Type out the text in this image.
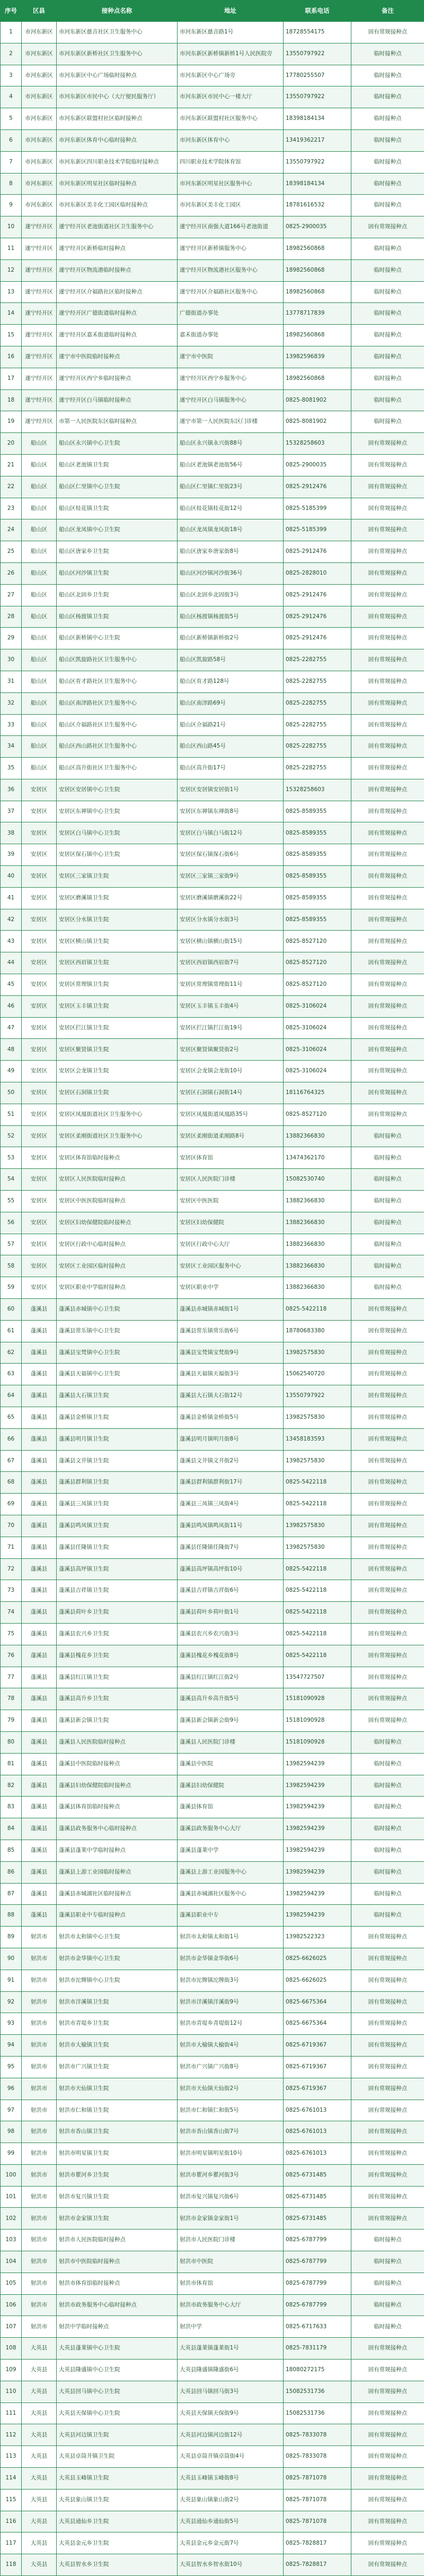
序号	区县	接种点名称	地址	联系电话	备注
1	市河东新区	市河东新区慈音社区卫生服务中心	市河东新区慈音路1号	18728554175	固有常规接种点
2	市河东新区	市河东新区新桥社区卫生服务中心	市河东新区新桥镇新桥1号人民医院旁	13550797922	临时接种点
3	市河东新区	市河东新区中心广场临时接种点	市河东新区中心广场旁	17780255507	临时接种点
4	市河东新区	市河东新区市民中心（大厅便民服务厅）	市河东新区市民中心一楼大厅	13550797922	临时接种点
5	市河东新区	市河东新区联盟村社区临时接种点	市河东新区联盟村社区服务中心	18398184134	临时接种点
6	市河东新区	市河东新区体育中心临时接种点	市河东新区体育中心	13419362217	临时接种点
7	市河东新区	市河东新区四川职业技术学院临时接种点	四川职业技术学院体育馆	13550797922	临时接种点
8	市河东新区	市河东新区明星社区临时接种点	市河东新区明星社区服务中心	18398184134	临时接种点
9	市河东新区	市河东新区美丰化工园区临时接种点	市河东新区美丰化工园区	18781616532	临时接种点
10	遂宁经开区	遂宁经开区老池街道社区卫生服务中心	遂宁经开区南强大道166号老池街道	0825-2900035	固有常规接种点
11	遂宁经开区	遂宁经开区新桥临时接种点	遂宁经开区新桥镇服务中心	18982560868	临时接种点
12	遂宁经开区	遂宁经开区物流港临时接种点	遂宁经开区物流港社区服务中心	18982560868	临时接种点
13	遂宁经开区	遂宁经开区介福路社区临时接种点	遂宁经开区介福路社区服务中心	18982560868	临时接种点
14	遂宁经开区	遂宁经开区广德街道临时接种点	广德街道办事处	13778717839	临时接种点
15	遂宁经开区	遂宁经开区嘉禾街道临时接种点	嘉禾街道办事处	18982560868	临时接种点
16	遂宁经开区	遂宁市中医院临时接种点	遂宁市中医院	13982596839	临时接种点
17	遂宁经开区	遂宁经开区西宁乡临时接种点	遂宁经开区西宁乡服务中心	18982560868	临时接种点
18	遂宁经开区	遂宁经开区白马镇临时接种点	遂宁经开区白马镇服务中心	0825-8081902	临时接种点
19	遂宁经开区	市第一人民医院东区临时接种点	遂宁市第一人民医院东区门诊楼	0825-8081902	临时接种点
20	船山区	船山区永兴镇中心卫生院	船山区永兴镇永兴街88号	15328258603	固有常规接种点
21	船山区	船山区老池镇卫生院	船山区老池镇老池街56号	0825-2900035	固有常规接种点
22	船山区	船山区仁里镇中心卫生院	船山区仁里镇仁里街23号	0825-2912476	固有常规接种点
23	船山区	船山区桂花镇卫生院	船山区桂花镇桂花街12号	0825-5185399	固有常规接种点
24	船山区	船山区龙凤镇中心卫生院	船山区龙凤镇龙凤街18号	0825-5185399	固有常规接种点
25	船山区	船山区唐家乡卫生院	船山区唐家乡唐家街8号	0825-2912476	固有常规接种点
26	船山区	船山区河沙镇卫生院	船山区河沙镇河沙街36号	0825-2828010	固有常规接种点
27	船山区	船山区北固乡卫生院	船山区北固乡北固街3号	0825-2912476	固有常规接种点
28	船山区	船山区杨渡镇卫生院	船山区杨渡镇杨渡街5号	0825-2912476	固有常规接种点
29	船山区	船山区新桥镇中心卫生院	船山区新桥镇新桥街2号	0825-2912476	固有常规接种点
30	船山区	船山区凯旋路社区卫生服务中心	船山区凯旋路58号	0825-2282755	固有常规接种点
31	船山区	船山区育才路社区卫生服务中心	船山区育才路128号	0825-2282755	固有常规接种点
32	船山区	船山区南津路社区卫生服务中心	船山区南津路69号	0825-2282755	固有常规接种点
33	船山区	船山区介福路社区卫生服务中心	船山区介福路21号	0825-2282755	固有常规接种点
34	船山区	船山区西山路社区卫生服务中心	船山区西山路45号	0825-2282755	固有常规接种点
35	船山区	船山区高升街社区卫生服务中心	船山区高升街17号	0825-2282755	固有常规接种点
36	安居区	安居区安居镇中心卫生院	安居区安居镇安居街1号	15328258603	固有常规接种点
37	安居区	安居区东禅镇中心卫生院	安居区东禅镇东禅街8号	0825-8589355	固有常规接种点
38	安居区	安居区白马镇中心卫生院	安居区白马镇白马街12号	0825-8589355	固有常规接种点
39	安居区	安居区保石镇中心卫生院	安居区保石镇保石街6号	0825-8589355	固有常规接种点
40	安居区	安居区三家镇卫生院	安居区三家镇三家街9号	0825-8589355	固有常规接种点
41	安居区	安居区磨溪镇卫生院	安居区磨溪镇磨溪街22号	0825-8589355	固有常规接种点
42	安居区	安居区分水镇卫生院	安居区分水镇分水街3号	0825-8589355	固有常规接种点
43	安居区	安居区横山镇卫生院	安居区横山镇横山街15号	0825-8527120	固有常规接种点
44	安居区	安居区西眉镇卫生院	安居区西眉镇西眉街7号	0825-8527120	固有常规接种点
45	安居区	安居区常理镇卫生院	安居区常理镇常理街11号	0825-8527120	固有常规接种点
46	安居区	安居区玉丰镇卫生院	安居区玉丰镇玉丰街4号	0825-3106024	固有常规接种点
47	安居区	安居区拦江镇卫生院	安居区拦江镇拦江街19号	0825-3106024	固有常规接种点
48	安居区	安居区聚贤镇卫生院	安居区聚贤镇聚贤街2号	0825-3106024	固有常规接种点
49	安居区	安居区会龙镇卫生院	安居区会龙镇会龙街10号	0825-3106024	固有常规接种点
50	安居区	安居区石洞镇卫生院	安居区石洞镇石洞街14号	18116764325	固有常规接种点
51	安居区	安居区凤凰街道社区卫生服务中心	安居区凤凰街道凤凰路35号	0825-8527120	固有常规接种点
52	安居区	安居区柔刚街道社区卫生服务中心	安居区柔刚街道柔刚路8号	13882366830	临时接种点
53	安居区	安居区体育馆临时接种点	安居区体育馆	13474362170	临时接种点
54	安居区	安居区人民医院临时接种点	安居区人民医院门诊楼	15082530740	临时接种点
55	安居区	安居区中医医院临时接种点	安居区中医医院	13882366830	临时接种点
56	安居区	安居区妇幼保健院临时接种点	安居区妇幼保健院	13882366830	临时接种点
57	安居区	安居区行政中心临时接种点	安居区行政中心大厅	13882366830	临时接种点
58	安居区	安居区工业园区临时接种点	安居区工业园区服务中心	13882366830	临时接种点
59	安居区	安居区职业中学临时接种点	安居区职业中学	13882366830	临时接种点
60	蓬溪县	蓬溪县赤城镇中心卫生院	蓬溪县赤城镇赤城街1号	0825-5422118	固有常规接种点
61	蓬溪县	蓬溪县常乐镇中心卫生院	蓬溪县常乐镇常乐街6号	18780683380	固有常规接种点
62	蓬溪县	蓬溪县宝梵镇中心卫生院	蓬溪县宝梵镇宝梵街9号	13982575830	固有常规接种点
63	蓬溪县	蓬溪县天福镇中心卫生院	蓬溪县天福镇天福街3号	15062540720	固有常规接种点
64	蓬溪县	蓬溪县大石镇卫生院	蓬溪县大石镇大石街12号	13550797922	固有常规接种点
65	蓬溪县	蓬溪县金桥镇卫生院	蓬溪县金桥镇金桥街5号	13982575830	固有常规接种点
66	蓬溪县	蓬溪县明月镇卫生院	蓬溪县明月镇明月街8号	13458183593	固有常规接种点
67	蓬溪县	蓬溪县文井镇卫生院	蓬溪县文井镇文井街2号	13982575830	固有常规接种点
68	蓬溪县	蓬溪县群利镇卫生院	蓬溪县群利镇群利街17号	0825-5422118	固有常规接种点
69	蓬溪县	蓬溪县三凤镇卫生院	蓬溪县三凤镇三凤街4号	0825-5422118	固有常规接种点
70	蓬溪县	蓬溪县鸣凤镇卫生院	蓬溪县鸣凤镇鸣凤街11号	13982575830	固有常规接种点
71	蓬溪县	蓬溪县任隆镇卫生院	蓬溪县任隆镇任隆街7号	13982575830	固有常规接种点
72	蓬溪县	蓬溪县高坪镇卫生院	蓬溪县高坪镇高坪街10号	0825-5422118	固有常规接种点
73	蓬溪县	蓬溪县吉祥镇卫生院	蓬溪县吉祥镇吉祥街6号	0825-5422118	固有常规接种点
74	蓬溪县	蓬溪县荷叶乡卫生院	蓬溪县荷叶乡荷叶街1号	0825-5422118	固有常规接种点
75	蓬溪县	蓬溪县农兴乡卫生院	蓬溪县农兴乡农兴街3号	0825-5422118	固有常规接种点
76	蓬溪县	蓬溪县槐花乡卫生院	蓬溪县槐花乡槐花街8号	0825-5422118	固有常规接种点
77	蓬溪县	蓬溪县红江镇卫生院	蓬溪县红江镇红江街2号	13547727507	固有常规接种点
78	蓬溪县	蓬溪县高升乡卫生院	蓬溪县高升乡高升街5号	15181090928	固有常规接种点
79	蓬溪县	蓬溪县新会镇卫生院	蓬溪县新会镇新会街9号	15181090928	固有常规接种点
80	蓬溪县	蓬溪县人民医院临时接种点	蓬溪县人民医院门诊楼	15181090928	临时接种点
81	蓬溪县	蓬溪县中医院临时接种点	蓬溪县中医院	13982594239	临时接种点
82	蓬溪县	蓬溪县妇幼保健院临时接种点	蓬溪县妇幼保健院	13982594239	临时接种点
83	蓬溪县	蓬溪县体育馆临时接种点	蓬溪县体育馆	13982594239	临时接种点
84	蓬溪县	蓬溪县政务服务中心临时接种点	蓬溪县政务服务中心大厅	13982594239	临时接种点
85	蓬溪县	蓬溪县蓬莱中学临时接种点	蓬溪县蓬莱中学	13982594239	临时接种点
86	蓬溪县	蓬溪县上游工业园临时接种点	蓬溪县上游工业园服务中心	13982594239	临时接种点
87	蓬溪县	蓬溪县赤城湖社区临时接种点	蓬溪县赤城湖社区服务中心	13982594239	临时接种点
88	蓬溪县	蓬溪县职业中专临时接种点	蓬溪县职业中专	13982594239	临时接种点
89	射洪市	射洪市太和镇中心卫生院	射洪市太和镇太和街1号	13982522323	固有常规接种点
90	射洪市	射洪市金华镇中心卫生院	射洪市金华镇金华街6号	0825-6626025	固有常规接种点
91	射洪市	射洪市沱牌镇中心卫生院	射洪市沱牌镇沱牌街3号	0825-6626025	固有常规接种点
92	射洪市	射洪市洋溪镇卫生院	射洪市洋溪镇洋溪街9号	0825-6675364	固有常规接种点
93	射洪市	射洪市青堤乡卫生院	射洪市青堤乡青堤街12号	0825-6675364	固有常规接种点
94	射洪市	射洪市大榆镇卫生院	射洪市大榆镇大榆街4号	0825-6719367	固有常规接种点
95	射洪市	射洪市广兴镇卫生院	射洪市广兴镇广兴街8号	0825-6719367	固有常规接种点
96	射洪市	射洪市天仙镇卫生院	射洪市天仙镇天仙街2号	0825-6719367	固有常规接种点
97	射洪市	射洪市仁和镇卫生院	射洪市仁和镇仁和街5号	0825-6761013	固有常规接种点
98	射洪市	射洪市香山镇卫生院	射洪市香山镇香山街7号	0825-6761013	固有常规接种点
99	射洪市	射洪市明星镇卫生院	射洪市明星镇明星街10号	0825-6761013	固有常规接种点
100	射洪市	射洪市瞿河乡卫生院	射洪市瞿河乡瞿河街3号	0825-6731485	固有常规接种点
101	射洪市	射洪市复兴镇卫生院	射洪市复兴镇复兴街6号	0825-6731485	固有常规接种点
102	射洪市	射洪市金家镇卫生院	射洪市金家镇金家街1号	0825-6731485	固有常规接种点
103	射洪市	射洪市人民医院临时接种点	射洪市人民医院门诊楼	0825-6787799	临时接种点
104	射洪市	射洪市中医院临时接种点	射洪市中医院	0825-6787799	临时接种点
105	射洪市	射洪市体育馆临时接种点	射洪市体育馆	0825-6787799	临时接种点
106	射洪市	射洪市政务服务中心临时接种点	射洪市政务服务中心大厅	0825-6787799	临时接种点
107	射洪市	射洪中学临时接种点	射洪中学	0825-6717633	临时接种点
108	大英县	大英县蓬莱镇中心卫生院	大英县蓬莱镇蓬莱街1号	0825-7831179	固有常规接种点
109	大英县	大英县隆盛镇中心卫生院	大英县隆盛镇隆盛街6号	18080272175	固有常规接种点
110	大英县	大英县回马镇中心卫生院	大英县回马镇回马街3号	15082531736	固有常规接种点
111	大英县	大英县天保镇中心卫生院	大英县天保镇天保街9号	15082531736	固有常规接种点
112	大英县	大英县河边镇卫生院	大英县河边镇河边街12号	0825-7833078	固有常规接种点
113	大英县	大英县卓筒井镇卫生院	大英县卓筒井镇卓筒街4号	0825-7833078	固有常规接种点
114	大英县	大英县玉峰镇卫生院	大英县玉峰镇玉峰街8号	0825-7871078	固有常规接种点
115	大英县	大英县象山镇卫生院	大英县象山镇象山街2号	0825-7871078	固有常规接种点
116	大英县	大英县通仙乡卫生院	大英县通仙乡通仙街5号	0825-7871078	固有常规接种点
117	大英县	大英县金元乡卫生院	大英县金元乡金元街7号	0825-7828817	固有常规接种点
118	大英县	大英县智水乡卫生院	大英县智水乡智水街10号	0825-7828817	固有常规接种点
